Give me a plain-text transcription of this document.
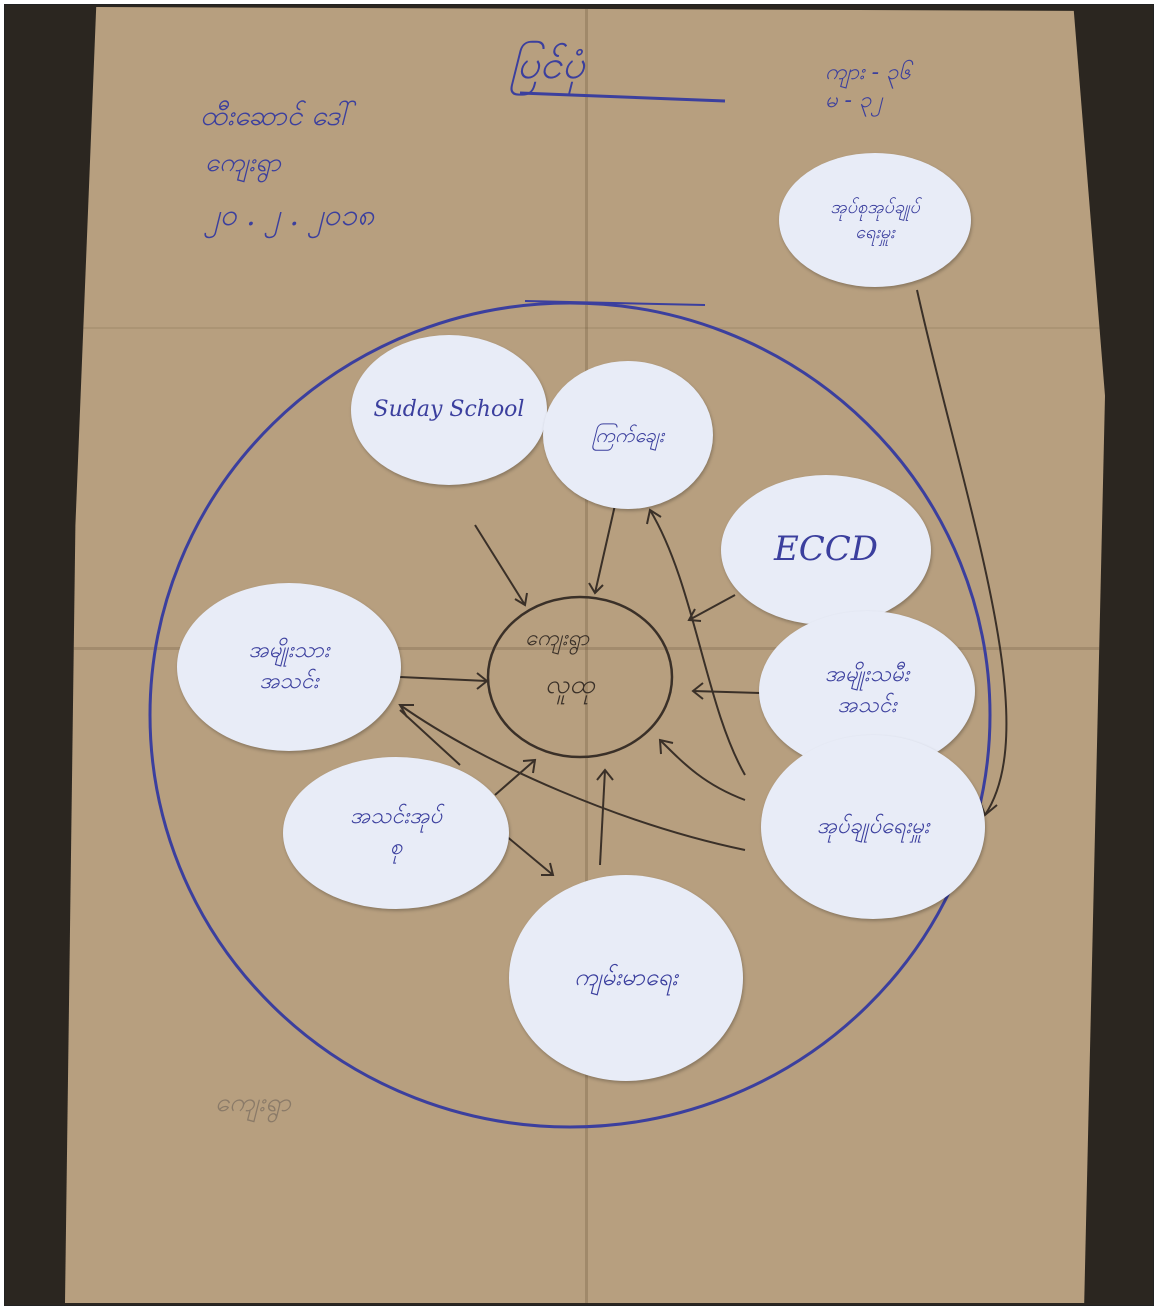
ပြင်ပုံ	ကျား - ၃၆
မ - ၃၂
ထီးဆောင် ဒေါ်
ကျေးရွာ
၂၀ . ၂ . ၂၀၁၈
ကျေးရွာ
ကျေးရွာ
လူထု
Suday School
ကြက်ချေး
ECCD
အမျိုးသား
အသင်း	အမျိုးသမီး
အသင်း
အသင်းအုပ်
စု
အုပ်ချုပ်ရေးမှူး
ကျမ်းမာရေး
အုပ်စုအုပ်ချုပ်
ရေးမှူး
